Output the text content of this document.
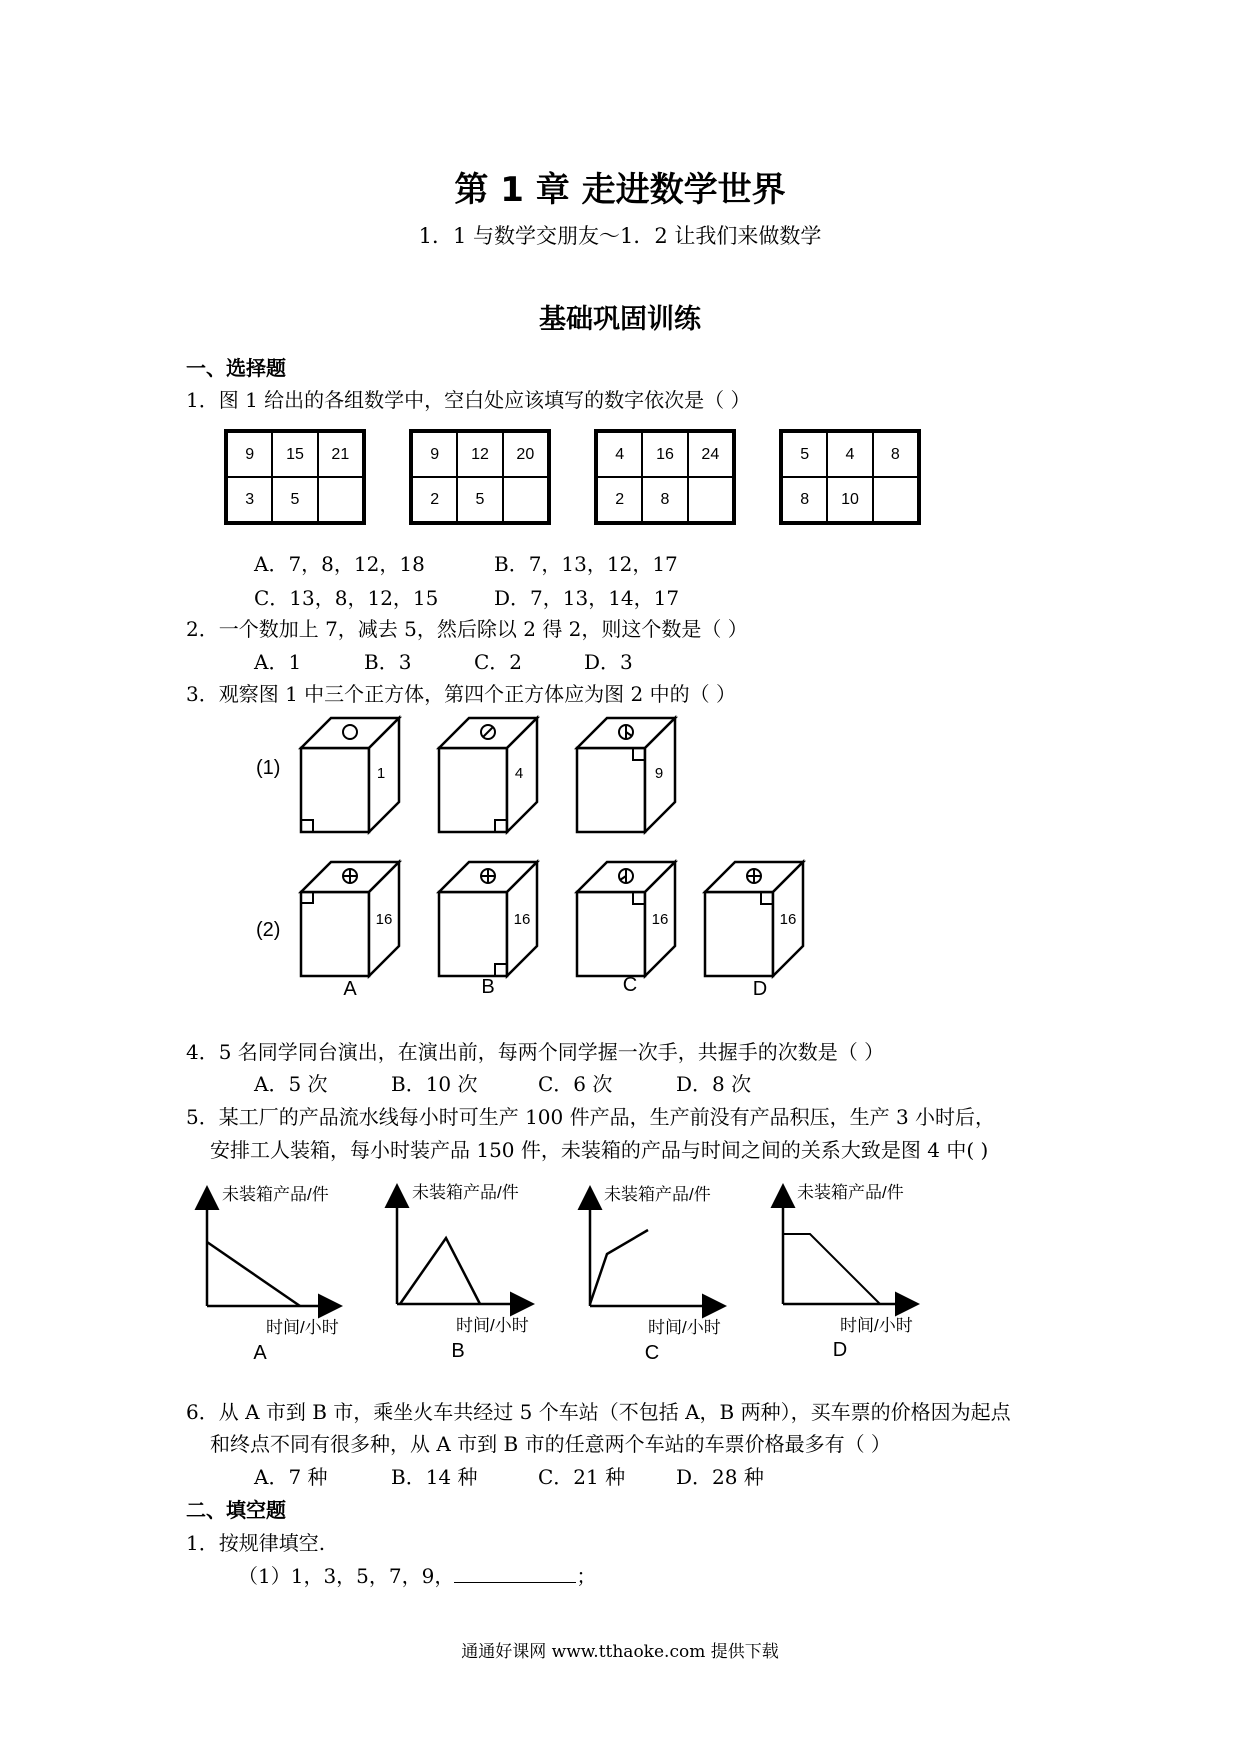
第 1 章 走进数学世界
1．1 与数学交朋友～1．2 让我们来做数学
基础巩固训练
一、选择题
1．图 1 给出的各组数学中，空白处应该填写的数字依次是（ ）
9	15	21
3	5
9	12	20
2	5
4	16	24
2	8
5	4	8
8	10
A．7，8，12，18	B．7，13，12，17
C．13，8，12，15	D．7，13，14，17
2．一个数加上 7，减去 5，然后除以 2 得 2，则这个数是（ ）
A．1	B．3	C．2	D．3
3．观察图 1 中三个正方体，第四个正方体应为图 2 中的（ ）
(1)
(2)
1	4	9
16	16	16	16
A	B	C	D
4．5 名同学同台演出，在演出前，每两个同学握一次手，共握手的次数是（ ）
A．5 次	B．10 次	C．6 次	D．8 次
5．某工厂的产品流水线每小时可生产 100 件产品，生产前没有产品积压，生产 3 小时后，
安排工人装箱，每小时装产品 150 件，未装箱的产品与时间之间的关系大致是图 4 中( )
未装箱产品/件
时间/小时
A
未装箱产品/件
时间/小时
B
未装箱产品/件
时间/小时
C
未装箱产品/件
时间/小时
D
6．从 A 市到 B 市，乘坐火车共经过 5 个车站（不包括 A，B 两种），买车票的价格因为起点
和终点不同有很多种，从 A 市到 B 市的任意两个车站的车票价格最多有（ ）
A．7 种	B．14 种	C．21 种	D．28 种
二、填空题
1．按规律填空.
（1）1，3，5，7，9，	；
通通好课网 www.tthaoke.com 提供下载
